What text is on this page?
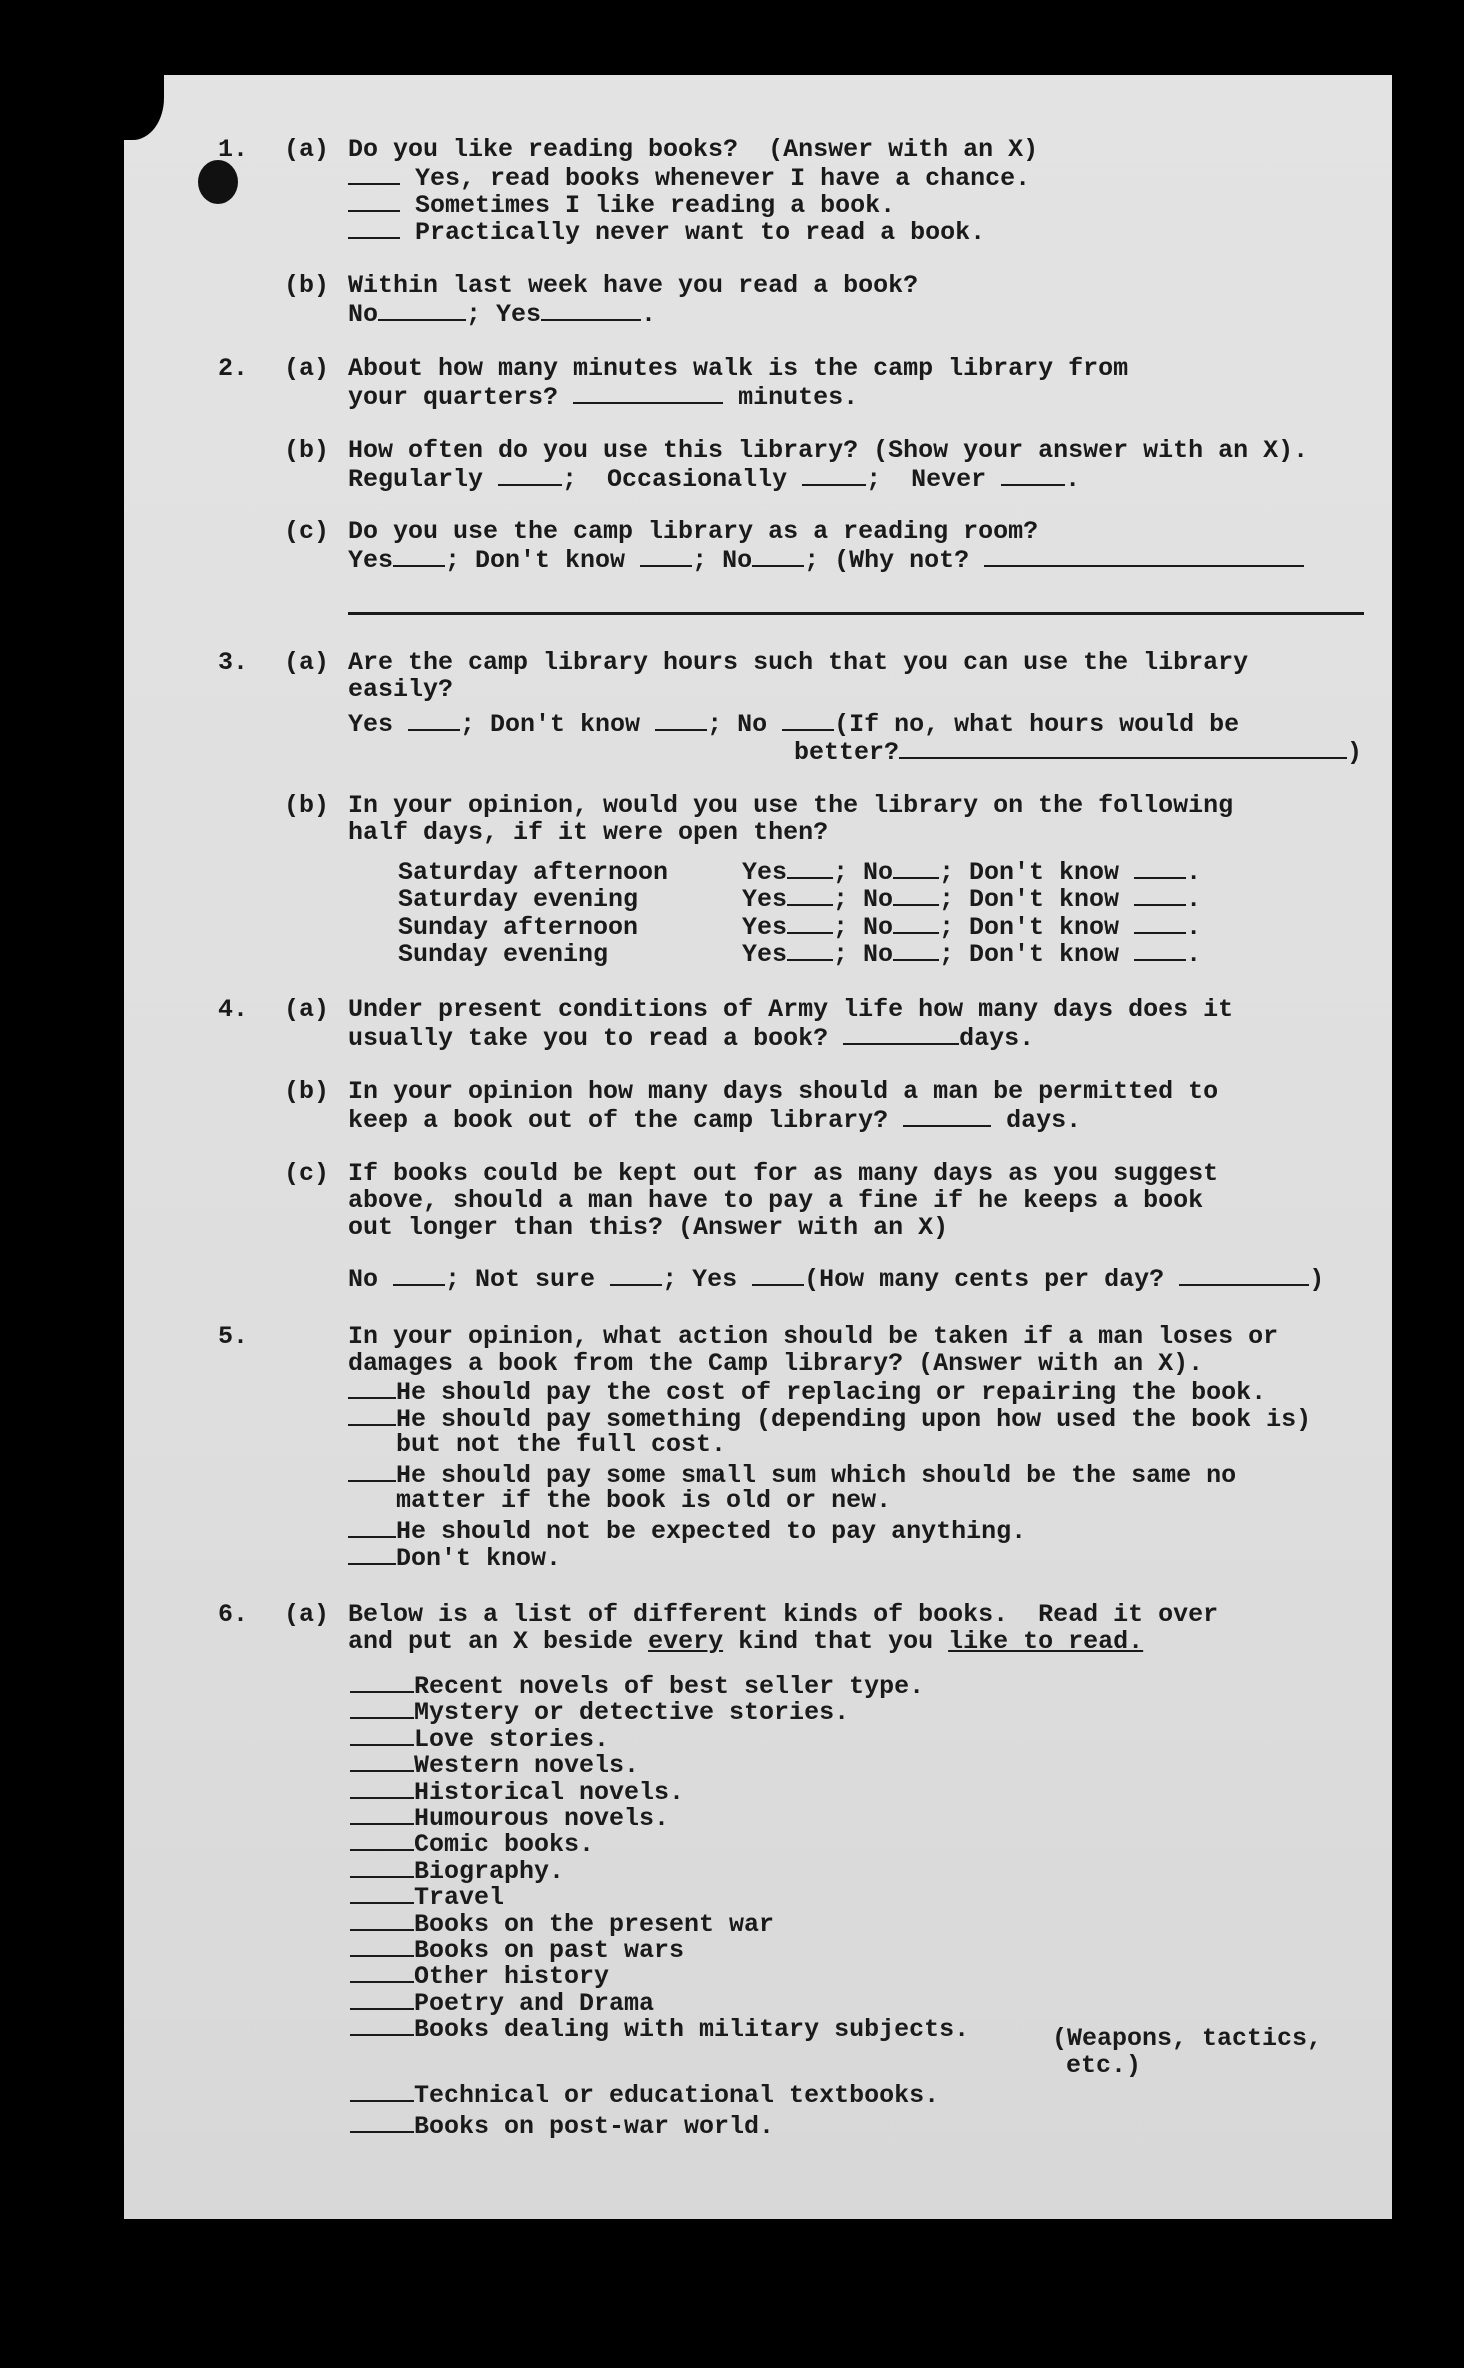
1. (a) Do you like reading books?  (Answer with an X)
Yes, read books whenever I have a chance.
Sometimes I like reading a book.
Practically never want to read a book.
(b) Within last week have you read a book?
No	; Yes	.
2. (a) About how many minutes walk is the camp library from
your quarters?	minutes.
(b) How often do you use this library? (Show your answer with an X).
Regularly	;  Occasionally	;  Never	.
(c) Do you use the camp library as a reading room?
Yes ; Don't know	; No ; (Why not?
3. (a) Are the camp library hours such that you can use the library
easily?
Yes	; Don't know	; No	(If no, what hours would be
better?	)
(b) In your opinion, would you use the library on the following
half days, if it were open then?
Saturday afternoon	Yes ; No ; Don't know	.
Saturday evening	Yes ; No ; Don't know	.
Sunday afternoon	Yes ; No ; Don't know	.
Sunday evening	Yes ; No ; Don't know	.
4. (a) Under present conditions of Army life how many days does it
usually take you to read a book?	days.
(b) In your opinion how many days should a man be permitted to
keep a book out of the camp library?	days.
(c) If books could be kept out for as many days as you suggest
above, should a man have to pay a fine if he keeps a book
out longer than this? (Answer with an X)
No	; Not sure	; Yes	(How many cents per day?	)
5.	In your opinion, what action should be taken if a man loses or
damages a book from the Camp library? (Answer with an X).
He should pay the cost of replacing or repairing the book.
He should pay something (depending upon how used the book is)
but not the full cost.
He should pay some small sum which should be the same no
matter if the book is old or new.
He should not be expected to pay anything.
Don't know.
6. (a) Below is a list of different kinds of books.  Read it over
and put an X beside every kind that you like to read.
Recent novels of best seller type.
Mystery or detective stories.
Love stories.
Western novels.
Historical novels.
Humourous novels.
Comic books.
Biography.
Travel
Books on the present war
Books on past wars
Other history
Poetry and Drama
Books dealing with military subjects.	(Weapons, tactics,
etc.)
Technical or educational textbooks.
Books on post-war world.
